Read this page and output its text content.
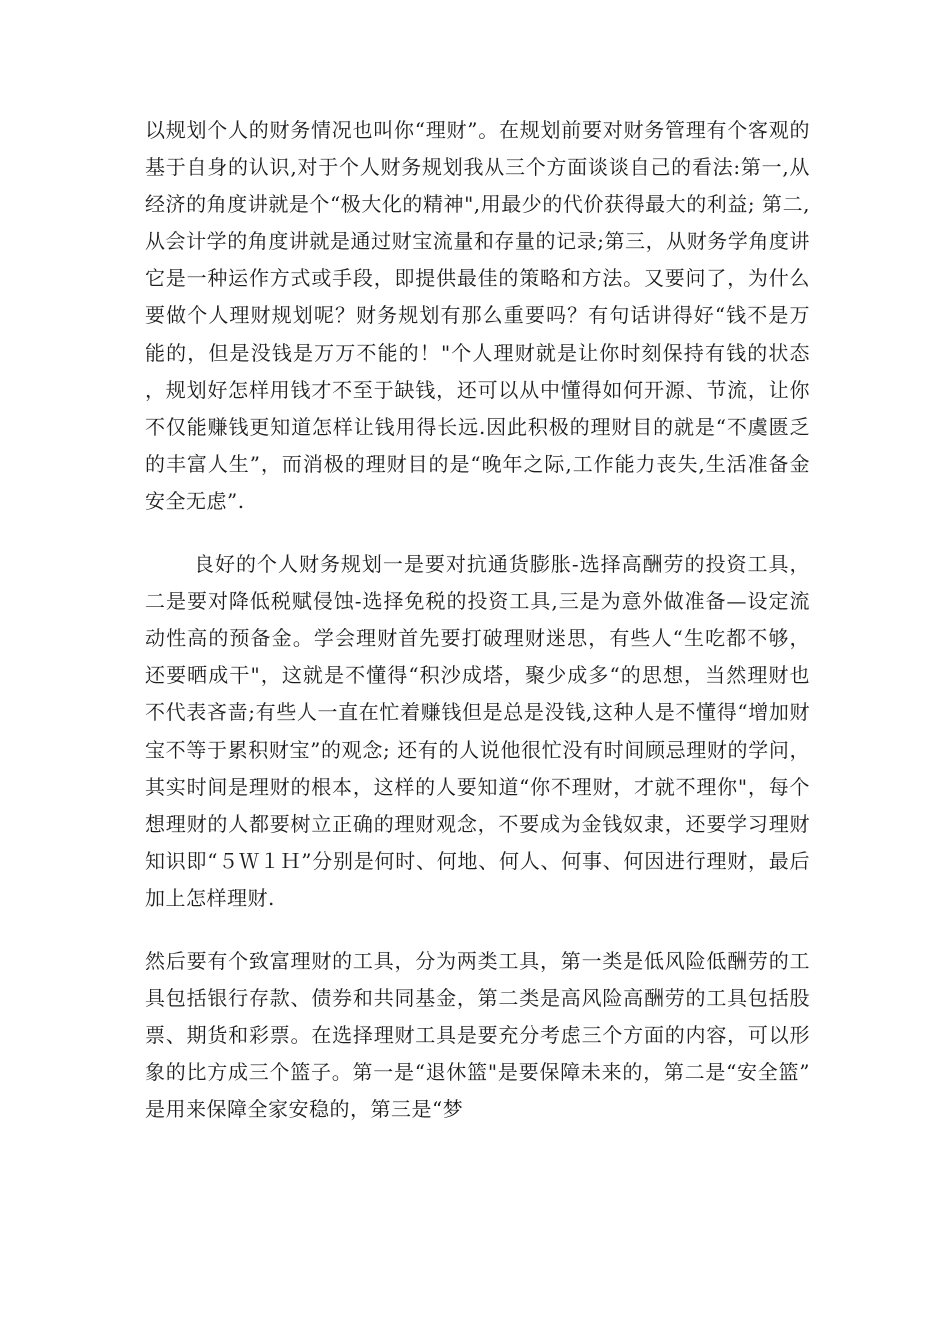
以规划个人的财务情况也叫你“理财”。在规划前要对财务管理有个客观的基于自身的认识,对于个人财务规划我从三个方面谈谈自己的看法:第一,从经济的角度讲就是个“极大化的精神",用最少的代价获得最大的利益; 第二,从会计学的角度讲就是通过财宝流量和存量的记录;第三，从财务学角度讲它是一种运作方式或手段，即提供最佳的策略和方法。又要问了，为什么要做个人理财规划呢？财务规划有那么重要吗？有句话讲得好“钱不是万能的，但是没钱是万万不能的！"个人理财就是让你时刻保持有钱的状态，规划好怎样用钱才不至于缺钱，还可以从中懂得如何开源、节流，让你不仅能赚钱更知道怎样让钱用得长远.因此积极的理财目的就是“不虞匮乏的丰富人生”，而消极的理财目的是“晚年之际,工作能力丧失,生活准备金安全无虑”.

良好的个人财务规划一是要对抗通货膨胀-选择高酬劳的投资工具，二是要对降低税赋侵蚀-选择免税的投资工具,三是为意外做准备—设定流动性高的预备金。学会理财首先要打破理财迷思，有些人“生吃都不够，还要晒成干"，这就是不懂得“积沙成塔，聚少成多“的思想，当然理财也不代表吝啬;有些人一直在忙着赚钱但是总是没钱,这种人是不懂得“增加财宝不等于累积财宝”的观念; 还有的人说他很忙没有时间顾忌理财的学问，其实时间是理财的根本，这样的人要知道“你不理财，才就不理你"，每个想理财的人都要树立正确的理财观念，不要成为金钱奴隶，还要学习理财知识即“５Ｗ１Ｈ”分别是何时、何地、何人、何事、何因进行理财，最后加上怎样理财.

然后要有个致富理财的工具，分为两类工具，第一类是低风险低酬劳的工具包括银行存款、债券和共同基金，第二类是高风险高酬劳的工具包括股票、期货和彩票。在选择理财工具是要充分考虑三个方面的内容，可以形象的比方成三个篮子。第一是“退休篮"是要保障未来的，第二是“安全篮”是用来保障全家安稳的，第三是“梦
